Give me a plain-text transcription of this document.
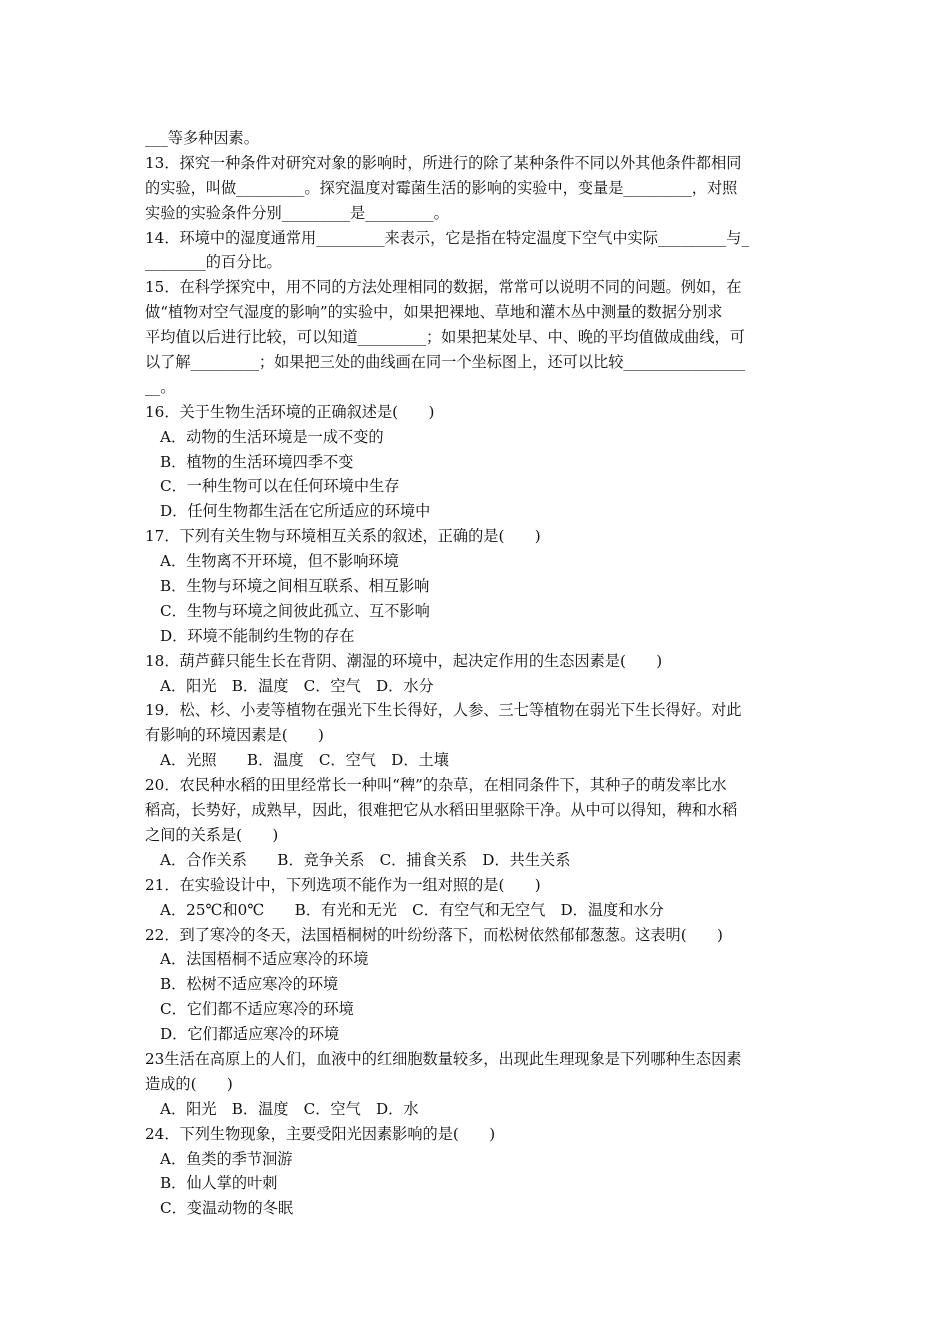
___等多种因素。
13．探究一种条件对研究对象的影响时，所进行的除了某种条件不同以外其他条件都相同
的实验，叫做_________。探究温度对霉菌生活的影响的实验中，变量是_________，对照
实验的实验条件分别_________是_________。
14．环境中的湿度通常用_________来表示，它是指在特定温度下空气中实际_________与_
________的百分比。
15．在科学探究中，用不同的方法处理相同的数据，常常可以说明不同的问题。例如，在
做“植物对空气湿度的影响”的实验中，如果把裸地、草地和灌木丛中测量的数据分别求
平均值以后进行比较，可以知道_________；如果把某处早、中、晚的平均值做成曲线，可
以了解_________；如果把三处的曲线画在同一个坐标图上，还可以比较________________
__。
16．关于生物生活环境的正确叙述是(　　)
A．动物的生活环境是一成不变的
B．植物的生活环境四季不变
C．一种生物可以在任何环境中生存
D．任何生物都生活在它所适应的环境中
17．下列有关生物与环境相互关系的叙述，正确的是(　　)
A．生物离不开环境，但不影响环境
B．生物与环境之间相互联系、相互影响
C．生物与环境之间彼此孤立、互不影响
D．环境不能制约生物的存在
18．葫芦藓只能生长在背阴、潮湿的环境中，起决定作用的生态因素是(　　)
A．阳光　B．温度　C．空气　D．水分
19．松、杉、小麦等植物在强光下生长得好，人参、三七等植物在弱光下生长得好。对此
有影响的环境因素是(　　)
A．光照　　B．温度　C．空气　D．土壤
20．农民种水稻的田里经常长一种叫“稗”的杂草，在相同条件下，其种子的萌发率比水
稻高，长势好，成熟早，因此，很难把它从水稻田里驱除干净。从中可以得知，稗和水稻
之间的关系是(　　)
A．合作关系　　B．竞争关系　C．捕食关系　D．共生关系
21．在实验设计中，下列选项不能作为一组对照的是(　　)
A．25℃和0℃　　B．有光和无光　C．有空气和无空气　D．温度和水分
22．到了寒冷的冬天，法国梧桐树的叶纷纷落下，而松树依然郁郁葱葱。这表明(　　)
A．法国梧桐不适应寒冷的环境
B．松树不适应寒冷的环境
C．它们都不适应寒冷的环境
D．它们都适应寒冷的环境
23生活在高原上的人们，血液中的红细胞数量较多，出现此生理现象是下列哪种生态因素
造成的(　　)
A．阳光　B．温度　C．空气　D．水
24．下列生物现象，主要受阳光因素影响的是(　　)
A．鱼类的季节洄游
B．仙人掌的叶刺
C．变温动物的冬眠
